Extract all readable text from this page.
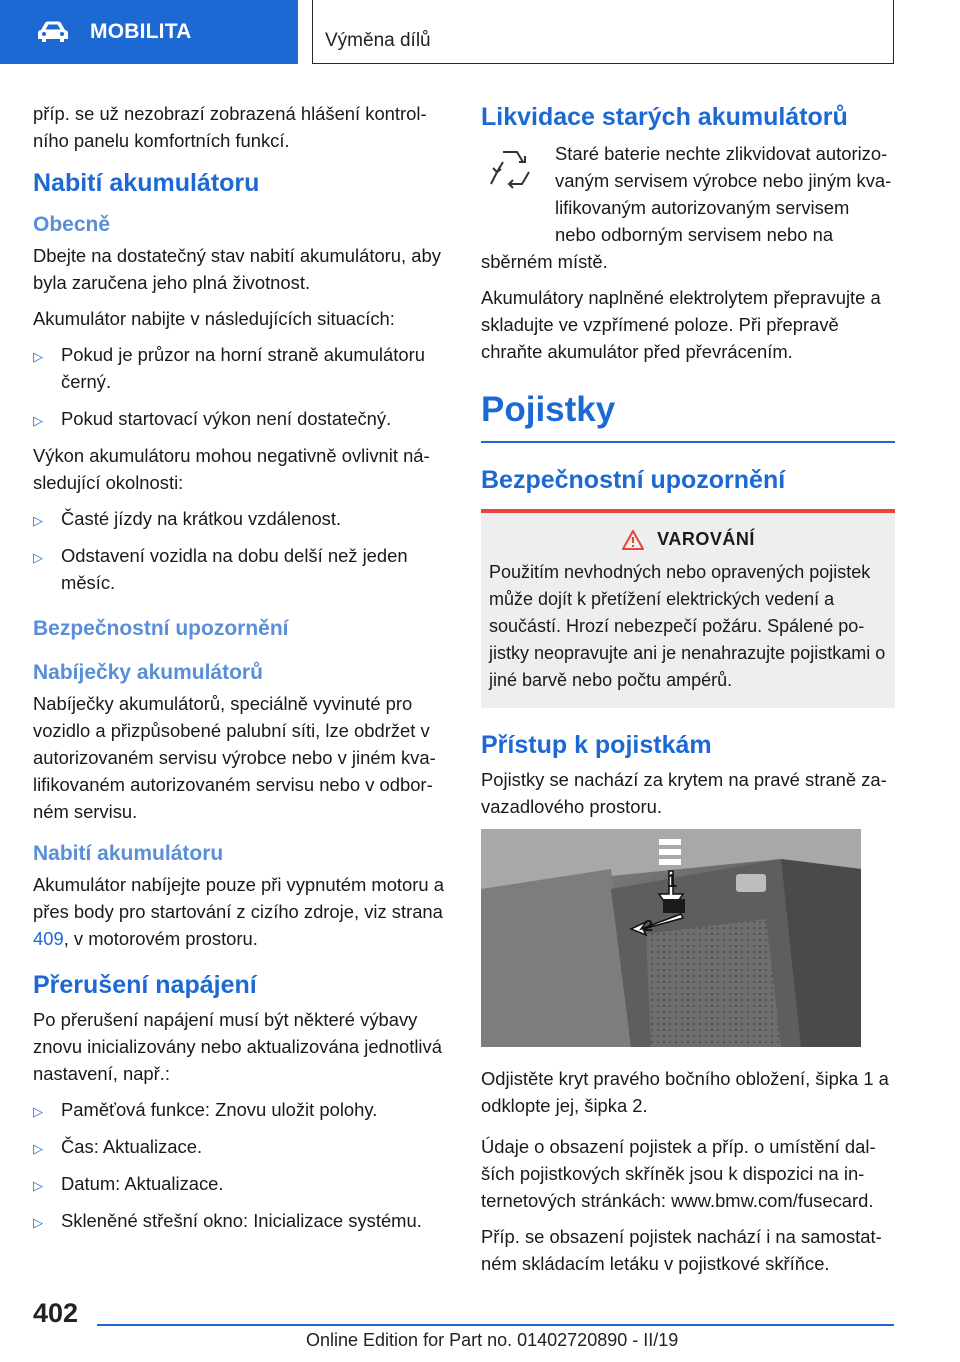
MOBILITA	Výměna dílů

příp. se už nezobrazí zobrazená hlášení kontrolního panelu komfortních funkcí.

Nabití akumulátoru
Obecně

Dbejte na dostatečný stav nabití akumulátoru, aby byla zaručena jeho plná životnost.

Akumulátor nabijte v následujících situacích:

▷ Pokud je průzor na horní straně akumulátoru černý.
▷ Pokud startovací výkon není dostatečný.

Výkon akumulátoru mohou negativně ovlivnit následující okolnosti:

▷ Časté jízdy na krátkou vzdálenost.
▷ Odstavení vozidla na dobu delší než jeden měsíc.
Bezpečnostní upozornění
Nabíječky akumulátorů

Nabíječky akumulátorů, speciálně vyvinuté pro vozidlo a přizpůsobené palubní síti, lze obdržet v autorizovaném servisu výrobce nebo v jiném kvalifikovaném autorizovaném servisu nebo v odborném servisu.

Nabití akumulátoru

Akumulátor nabíjejte pouze při vypnutém motoru a přes body pro startování z cizího zdroje, viz strana 409, v motorovém prostoru.

Přerušení napájení

Po přerušení napájení musí být některé výbavy znovu inicializovány nebo aktualizována jednotlivá nastavení, např.:

▷ Paměťová funkce: Znovu uložit polohy.
▷ Čas: Aktualizace.
▷ Datum: Aktualizace.
▷ Skleněné střešní okno: Inicializace systému.
Likvidace starých akumulátorů

Staré baterie nechte zlikvidovat autorizovaným servisem výrobce nebo jiným kvalifikovaným autorizovaným servisem nebo odborným servisem nebo na sběrném místě.

Akumulátory naplněné elektrolytem přepravujte a skladujte ve vzpřímené poloze. Při přepravě chraňte akumulátor před převrácením.

Pojistky
Bezpečnostní upozornění
VAROVÁNÍ

Použitím nevhodných nebo opravených pojistek může dojít k přetížení elektrických vedení a součástí. Hrozí nebezpečí požáru. Spálené pojistky neopravujte ani je nenahrazujte pojistkami o jiné barvě nebo počtu ampérů.

Přístup k pojistkám

Pojistky se nachází za krytem na pravé straně zavazadlového prostoru.

1
2

Odjistěte kryt pravého bočního obložení, šipka 1 a odklopte jej, šipka 2.

Údaje o obsazení pojistek a příp. o umístění dalších pojistkových skříněk jsou k dispozici na internetových stránkách: www.bmw.com/fusecard.

Příp. se obsazení pojistek nachází i na samostatném skládacím letáku v pojistkové skříňce.

402
Online Edition for Part no. 01402720890 - II/19
